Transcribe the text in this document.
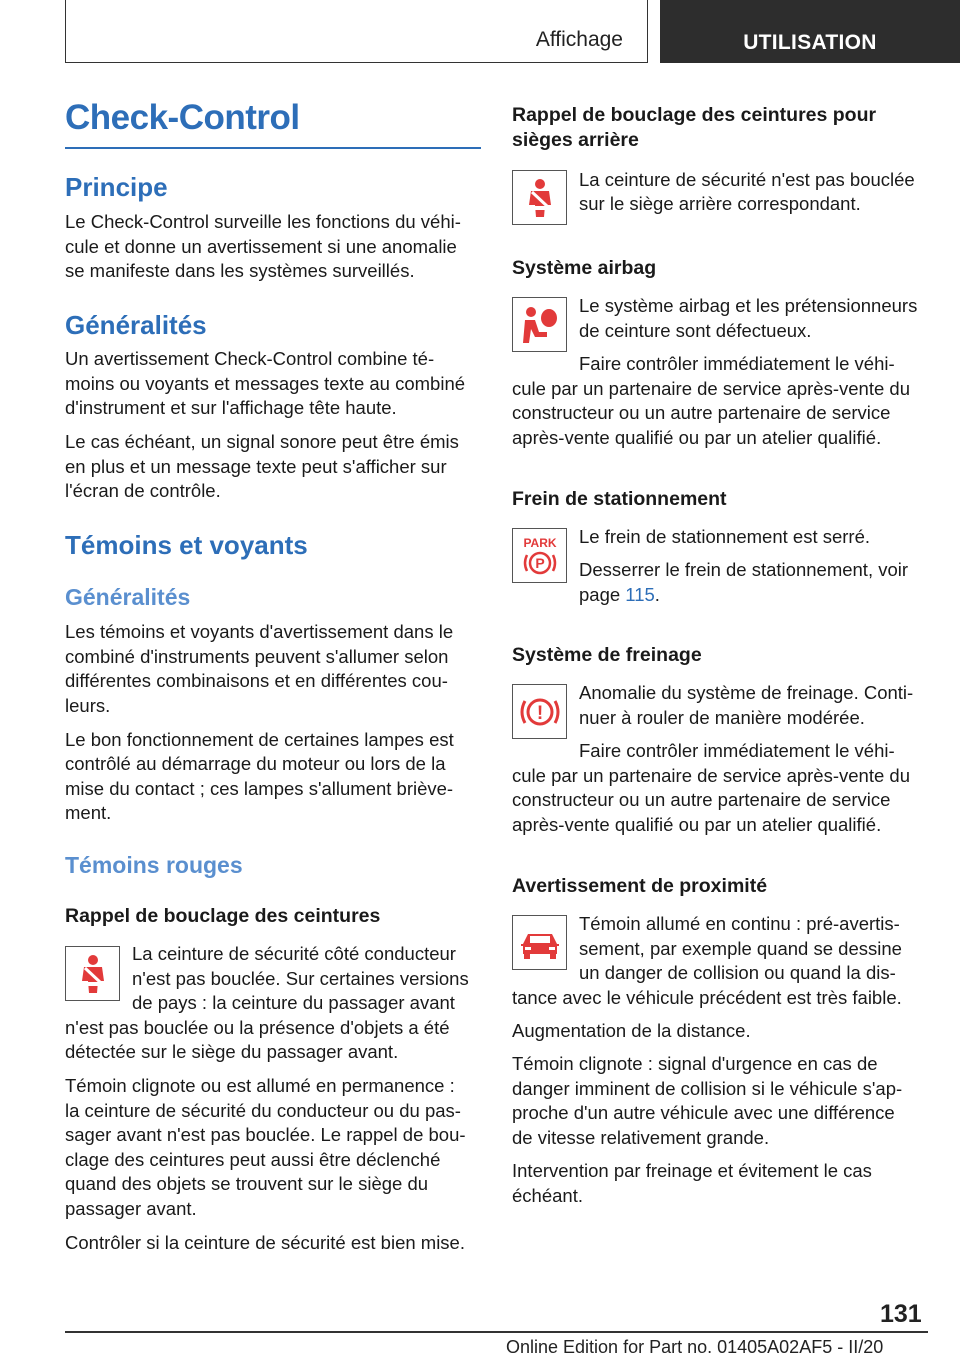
Affichage	UTILISATION
Check-Control
Principe

Le Check-Control surveille les fonctions du véhi-

cule et donne un avertissement si une anomalie

se manifeste dans les systèmes surveillés.

Généralités

Un avertissement Check-Control combine té-

moins ou voyants et messages texte au combiné

d'instrument et sur l'affichage tête haute.

Le cas échéant, un signal sonore peut être émis

en plus et un message texte peut s'afficher sur

l'écran de contrôle.

Témoins et voyants
Généralités

Les témoins et voyants d'avertissement dans le

combiné d'instruments peuvent s'allumer selon

différentes combinaisons et en différentes cou-

leurs.

Le bon fonctionnement de certaines lampes est

contrôlé au démarrage du moteur ou lors de la

mise du contact ; ces lampes s'allument briève-

ment.

Témoins rouges
Rappel de bouclage des ceintures

La ceinture de sécurité côté conducteur

n'est pas bouclée. Sur certaines versions

de pays : la ceinture du passager avant

n'est pas bouclée ou la présence d'objets a été

détectée sur le siège du passager avant.

Témoin clignote ou est allumé en permanence :

la ceinture de sécurité du conducteur ou du pas-

sager avant n'est pas bouclée. Le rappel de bou-

clage des ceintures peut aussi être déclenché

quand des objets se trouvent sur le siège du

passager avant.

Contrôler si la ceinture de sécurité est bien mise.

Rappel de bouclage des ceintures pour
sièges arrière

La ceinture de sécurité n'est pas bouclée

sur le siège arrière correspondant.

Système airbag

Le système airbag et les prétensionneurs

de ceinture sont défectueux.

Faire contrôler immédiatement le véhi-

cule par un partenaire de service après-vente du

constructeur ou un autre partenaire de service

après-vente qualifié ou par un atelier qualifié.

Frein de stationnement
PARK
P

Le frein de stationnement est serré.

Desserrer le frein de stationnement, voir

page 115.

Système de freinage
!

Anomalie du système de freinage. Conti-

nuer à rouler de manière modérée.

Faire contrôler immédiatement le véhi-

cule par un partenaire de service après-vente du

constructeur ou un autre partenaire de service

après-vente qualifié ou par un atelier qualifié.

Avertissement de proximité

Témoin allumé en continu : pré-avertis-

sement, par exemple quand se dessine

un danger de collision ou quand la dis-

tance avec le véhicule précédent est très faible.

Augmentation de la distance.

Témoin clignote : signal d'urgence en cas de

danger imminent de collision si le véhicule s'ap-

proche d'un autre véhicule avec une différence

de vitesse relativement grande.

Intervention par freinage et évitement le cas

échéant.

131
Online Edition for Part no. 01405A02AF5 - II/20
